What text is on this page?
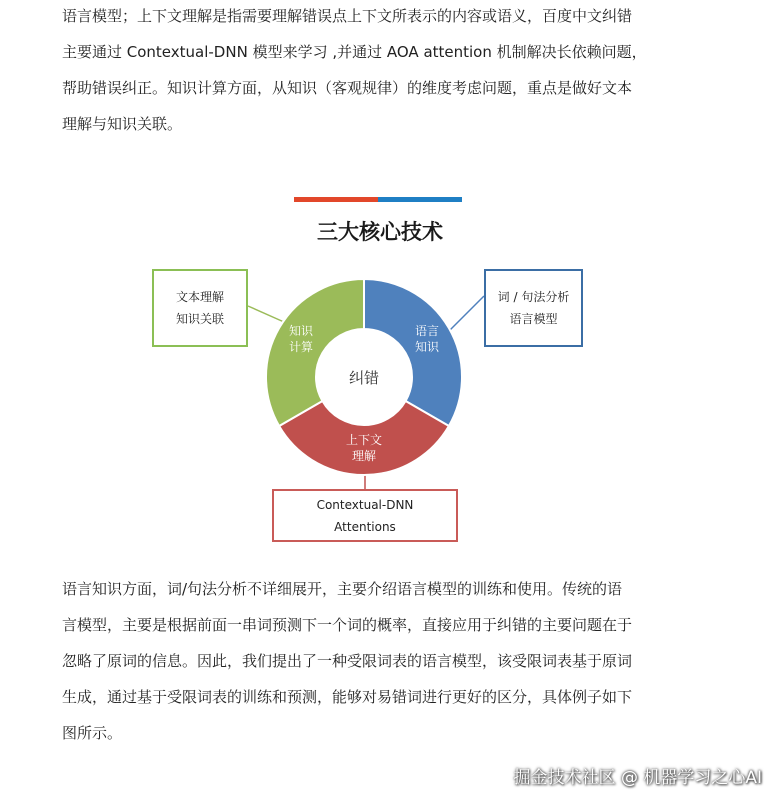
语言模型；上下文理解是指需要理解错误点上下文所表示的内容或语义，百度中文纠错
主要通过 Contextual-DNN 模型来学习 ,并通过 AOA attention 机制解决长依赖问题，
帮助错误纠正。知识计算方面，从知识（客观规律）的维度考虑问题，重点是做好文本
理解与知识关联。

三大核心技术
纠错
知识
计算
语言
知识
上下文
理解
文本理解
知识关联
词 / 句法分析
语言模型
Contextual-DNN
Attentions

语言知识方面，词/句法分析不详细展开，主要介绍语言模型的训练和使用。传统的语
言模型，主要是根据前面一串词预测下一个词的概率，直接应用于纠错的主要问题在于
忽略了原词的信息。因此，我们提出了一种受限词表的语言模型，该受限词表基于原词
生成，通过基于受限词表的训练和预测，能够对易错词进行更好的区分，具体例子如下
图所示。

掘金技术社区 @ 机器学习之心AI
